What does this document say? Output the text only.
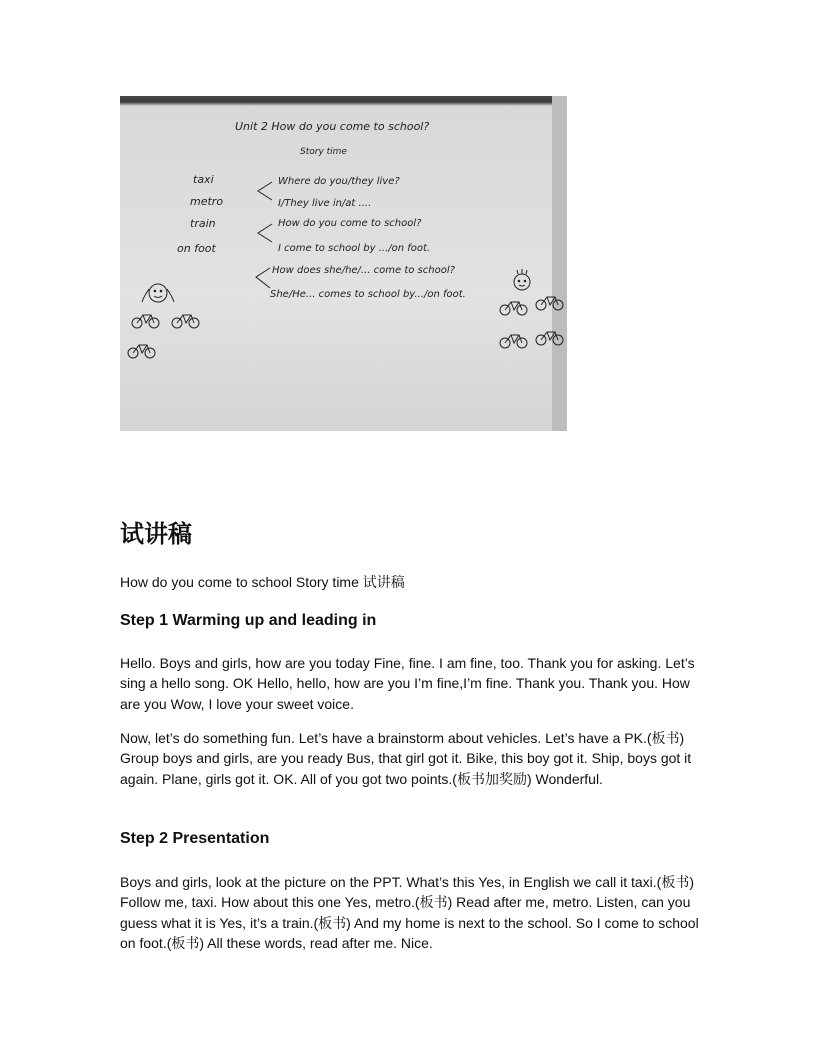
Unit 2 How do you come to school?
Story time
taxi
metro
train
on foot
Where do you/they live?
I/They live in/at ....
How do you come to school?
I come to school by .../on foot.
How does she/he/... come to school?
She/He... comes to school by.../on foot.
试讲稿

How do you come to school Story time 试讲稿

Step 1 Warming up and leading in

Hello. Boys and girls, how are you today Fine, fine. I am fine, too. Thank you for asking. Let’s sing a hello song. OK Hello, hello, how are you I’m fine,I’m fine. Thank you. Thank you. How are you Wow, I love your sweet voice.

Now, let’s do something fun. Let’s have a brainstorm about vehicles. Let’s have a PK.(板书) Group boys and girls, are you ready Bus, that girl got it. Bike, this boy got it. Ship, boys got it again. Plane, girls got it. OK. All of you got two points.(板书加奖励) Wonderful.

Step 2 Presentation

Boys and girls, look at the picture on the PPT. What’s this Yes, in English we call it taxi.(板书) Follow me, taxi. How about this one Yes, metro.(板书) Read after me, metro. Listen, can you guess what it is Yes, it’s a train.(板书) And my home is next to the school. So I come to school on foot.(板书) All these words, read after me. Nice.
